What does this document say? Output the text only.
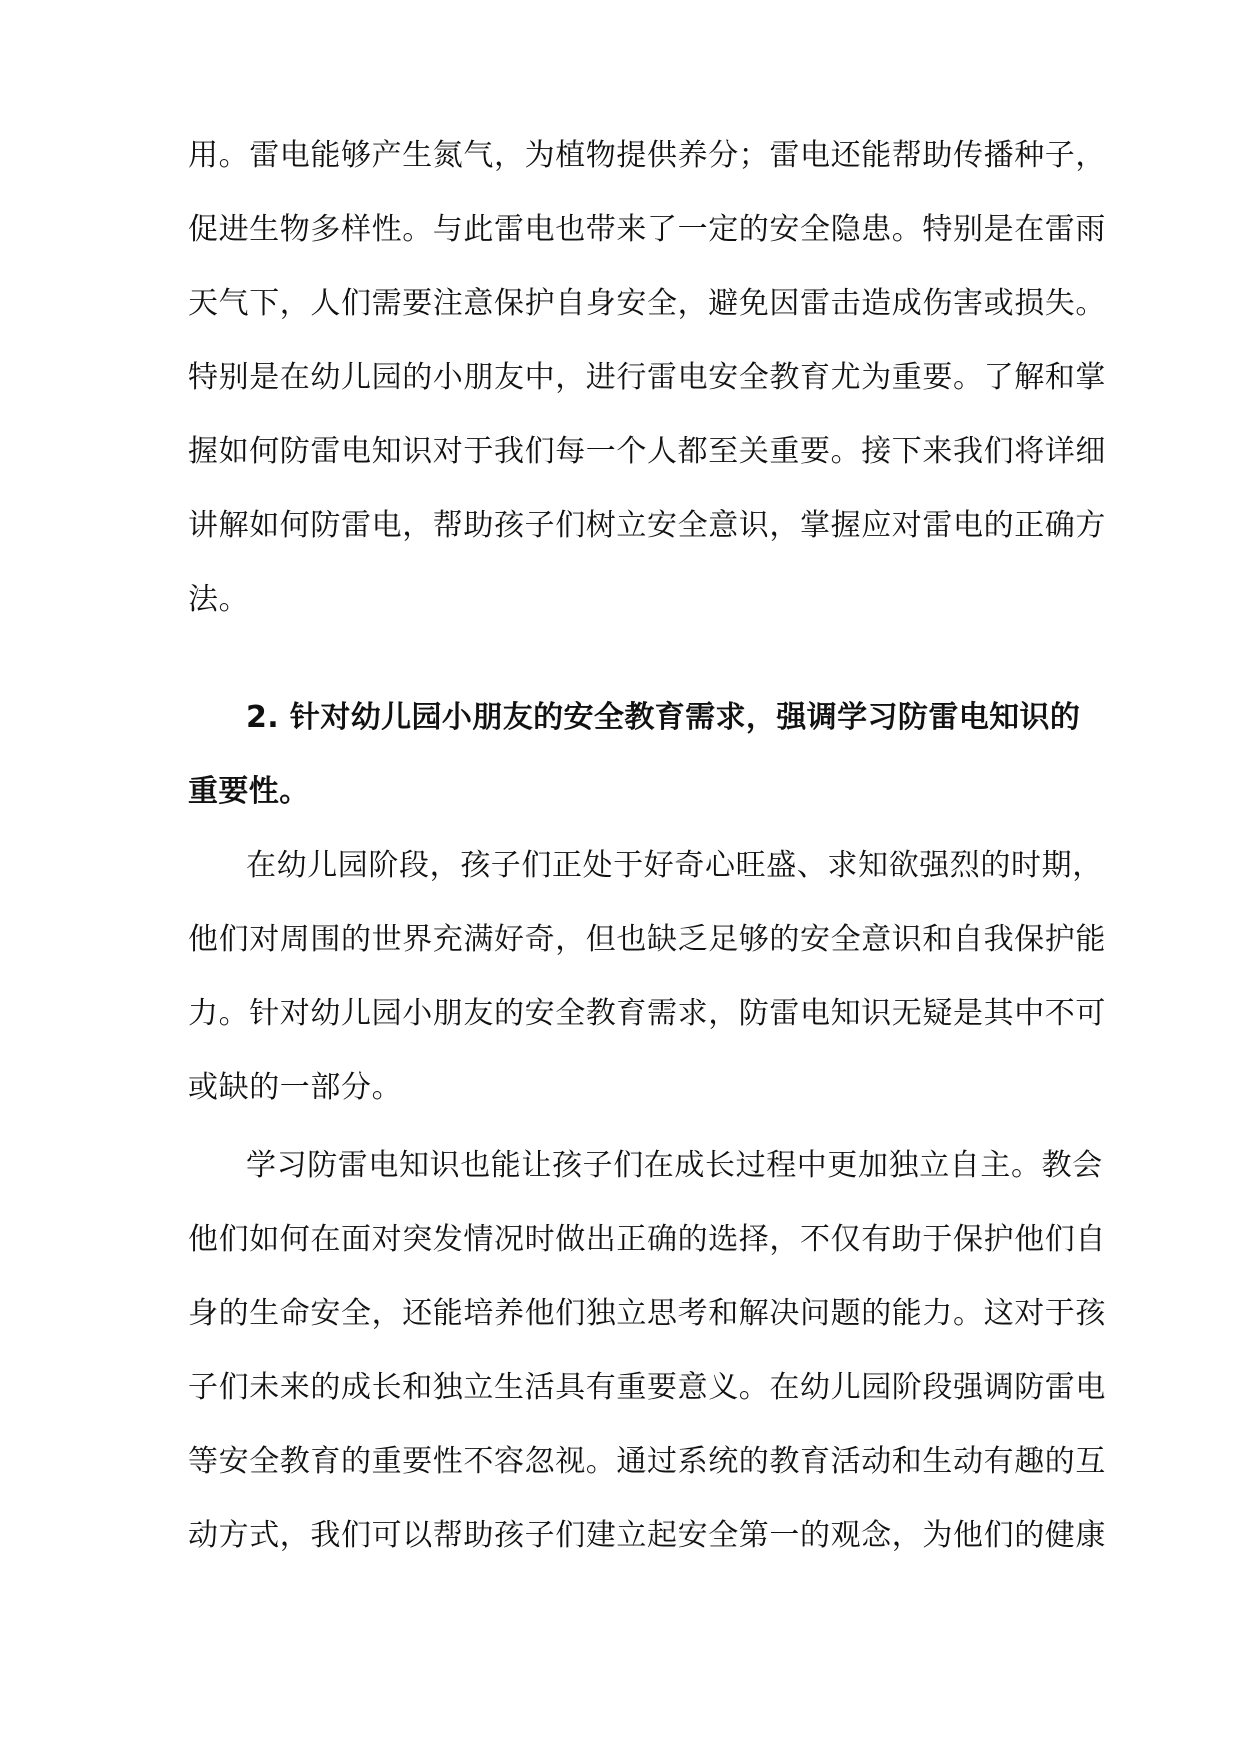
用。雷电能够产生氮气，为植物提供养分；雷电还能帮助传播种子，
促进生物多样性。与此雷电也带来了一定的安全隐患。特别是在雷雨
天气下，人们需要注意保护自身安全，避免因雷击造成伤害或损失。
特别是在幼儿园的小朋友中，进行雷电安全教育尤为重要。了解和掌
握如何防雷电知识对于我们每一个人都至关重要。接下来我们将详细
讲解如何防雷电，帮助孩子们树立安全意识，掌握应对雷电的正确方
法。
2. 针对幼儿园小朋友的安全教育需求，强调学习防雷电知识的
重要性。
在幼儿园阶段，孩子们正处于好奇心旺盛、求知欲强烈的时期，
他们对周围的世界充满好奇，但也缺乏足够的安全意识和自我保护能
力。针对幼儿园小朋友的安全教育需求，防雷电知识无疑是其中不可
或缺的一部分。
学习防雷电知识也能让孩子们在成长过程中更加独立自主。教会
他们如何在面对突发情况时做出正确的选择，不仅有助于保护他们自
身的生命安全，还能培养他们独立思考和解决问题的能力。这对于孩
子们未来的成长和独立生活具有重要意义。在幼儿园阶段强调防雷电
等安全教育的重要性不容忽视。通过系统的教育活动和生动有趣的互
动方式，我们可以帮助孩子们建立起安全第一的观念，为他们的健康
